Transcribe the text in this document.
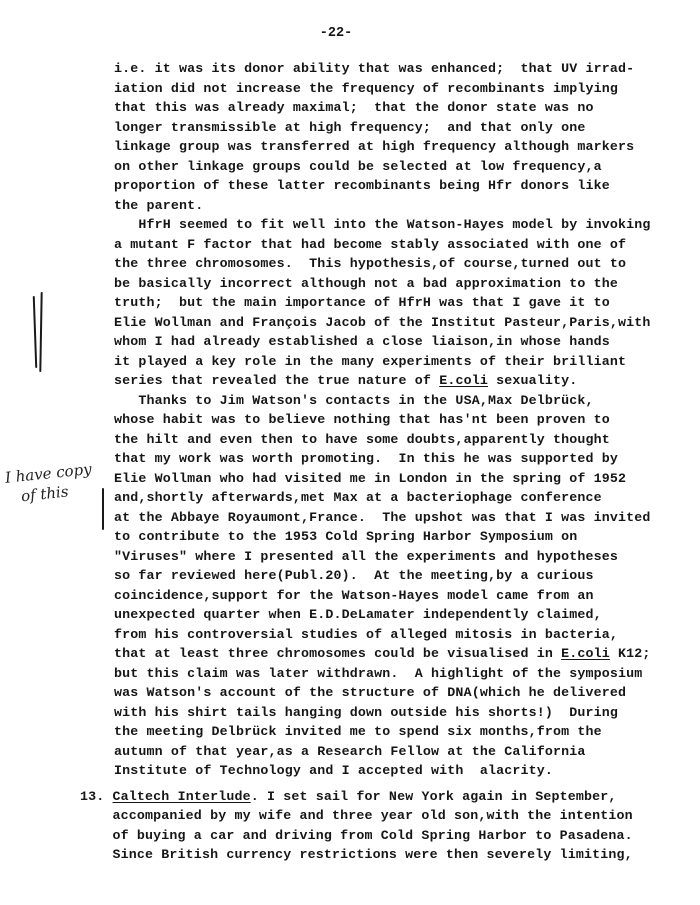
-22-
i.e. it was its donor ability that was enhanced;  that UV irrad-
iation did not increase the frequency of recombinants implying
that this was already maximal;  that the donor state was no
longer transmissible at high frequency;  and that only one
linkage group was transferred at high frequency although markers
on other linkage groups could be selected at low frequency,a
proportion of these latter recombinants being Hfr donors like
the parent.
HfrH seemed to fit well into the Watson-Hayes model by invoking
a mutant F factor that had become stably associated with one of
the three chromosomes.  This hypothesis,of course,turned out to
be basically incorrect although not a bad approximation to the
truth;  but the main importance of HfrH was that I gave it to
Elie Wollman and François Jacob of the Institut Pasteur,Paris,with
whom I had already established a close liaison,in whose hands
it played a key role in the many experiments of their brilliant
series that revealed the true nature of E.coli sexuality.
Thanks to Jim Watson's contacts in the USA,Max Delbrück,
whose habit was to believe nothing that has'nt been proven to
the hilt and even then to have some doubts,apparently thought
that my work was worth promoting.  In this he was supported by
Elie Wollman who had visited me in London in the spring of 1952
and,shortly afterwards,met Max at a bacteriophage conference
at the Abbaye Royaumont,France.  The upshot was that I was invited
to contribute to the 1953 Cold Spring Harbor Symposium on
"Viruses" where I presented all the experiments and hypotheses
so far reviewed here(Publ.20).  At the meeting,by a curious
coincidence,support for the Watson-Hayes model came from an
unexpected quarter when E.D.DeLamater independently claimed,
from his controversial studies of alleged mitosis in bacteria,
that at least three chromosomes could be visualised in E.coli K12;
but this claim was later withdrawn.  A highlight of the symposium
was Watson's account of the structure of DNA(which he delivered
with his shirt tails hanging down outside his shorts!)  During
the meeting Delbrück invited me to spend six months,from the
autumn of that year,as a Research Fellow at the California
Institute of Technology and I accepted with  alacrity.
13. Caltech Interlude. I set sail for New York again in September,
accompanied by my wife and three year old son,with the intention
of buying a car and driving from Cold Spring Harbor to Pasadena.
Since British currency restrictions were then severely limiting,
I have copy
of this
